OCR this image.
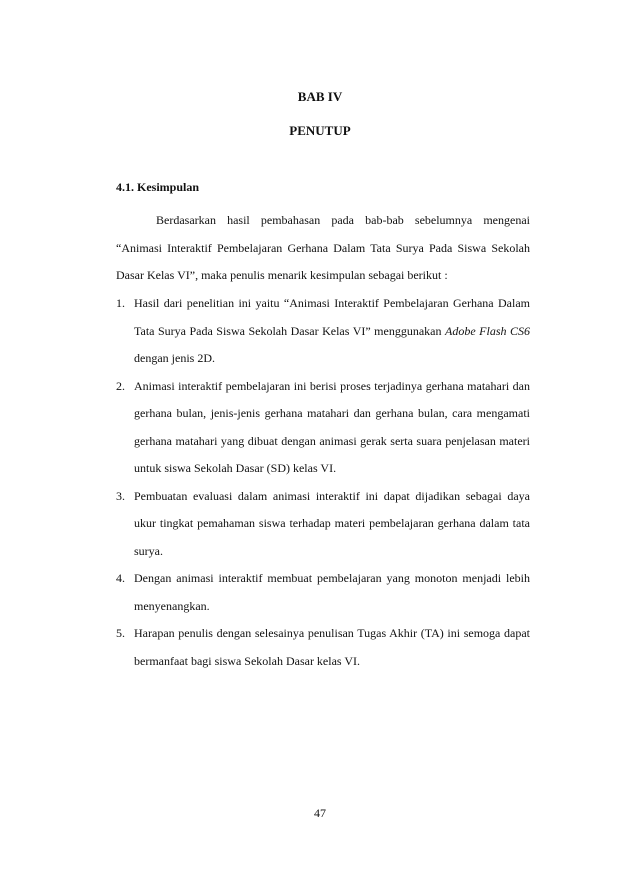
BAB IV
PENUTUP
4.1. Kesimpulan
Berdasarkan hasil pembahasan pada bab-bab sebelumnya mengenai “Animasi Interaktif Pembelajaran Gerhana Dalam Tata Surya Pada Siswa Sekolah Dasar Kelas VI”, maka penulis menarik kesimpulan sebagai berikut :
1. Hasil dari penelitian ini yaitu “Animasi Interaktif Pembelajaran Gerhana Dalam Tata Surya Pada Siswa Sekolah Dasar Kelas VI” menggunakan Adobe Flash CS6 dengan jenis 2D.
2. Animasi interaktif pembelajaran ini berisi proses terjadinya gerhana matahari dan gerhana bulan, jenis-jenis gerhana matahari dan gerhana bulan, cara mengamati gerhana matahari yang dibuat dengan animasi gerak serta suara penjelasan materi untuk siswa Sekolah Dasar (SD) kelas VI.
3. Pembuatan evaluasi dalam animasi interaktif ini dapat dijadikan sebagai daya ukur tingkat pemahaman siswa terhadap materi pembelajaran gerhana dalam tata surya.
4. Dengan animasi interaktif membuat pembelajaran yang monoton menjadi lebih menyenangkan.
5. Harapan penulis dengan selesainya penulisan Tugas Akhir (TA) ini semoga dapat bermanfaat bagi siswa Sekolah Dasar kelas VI.
47
